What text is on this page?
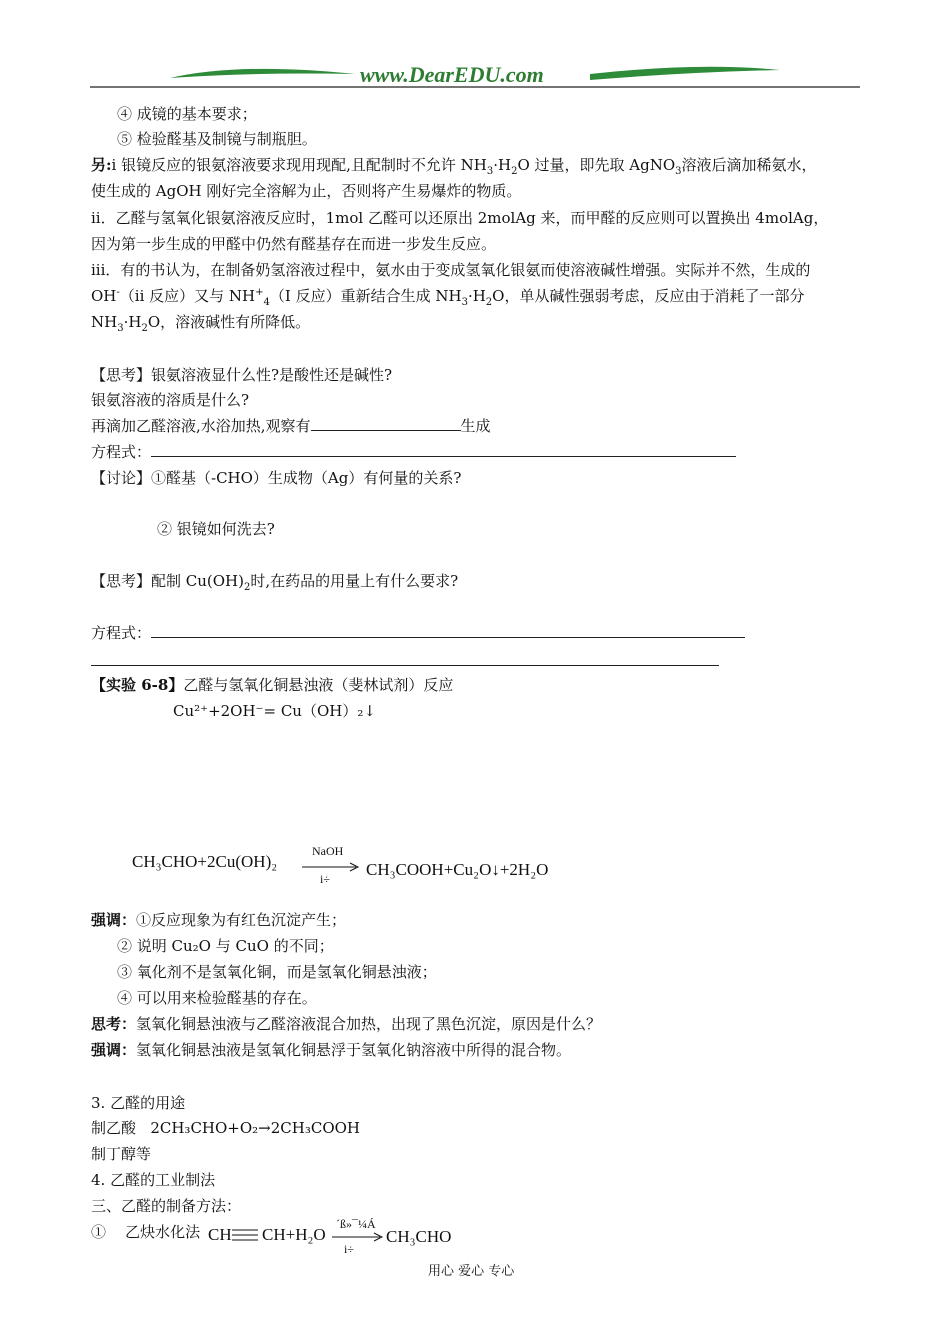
www.DearEDU.com
④ 成镜的基本要求；
⑤ 检验醛基及制镜与制瓶胆。
另:i 银镜反应的银氨溶液要求现用现配,且配制时不允许 $NH_3\cdot H_2O$ 过量，即先取 AgNO$_3$溶液后滴加稀氨水，
使生成的 AgOH 刚好完全溶解为止，否则将产生易爆炸的物质。
ii．乙醛与氢氧化银氨溶液反应时，1mol 乙醛可以还原出 2molAg 来，而甲醛的反应则可以置换出 4molAg，
因为第一步生成的甲醛中仍然有醛基存在而进一步发生反应。
iii．有的书认为，在制备奶氢溶液过程中，氨水由于变成氢氧化银氨而使溶液碱性增强。实际并不然，生成的
OH-（ii 反应）又与 $NH^+_4(I$ 反应）重新结合生成 $NH_3\cdot H_2O$，单从碱性强弱考虑，反应由于消耗了一部分
$NH_3\cdot H_2O$，溶液碱性有所降低。
【思考】银氨溶液显什么性?是酸性还是碱性?
银氨溶液的溶质是什么?
再滴加乙醛溶液,水浴加热,观察有	生成
方程式：
【讨论】①醛基（-CHO）生成物（Ag）有何量的关系?
② 银镜如何洗去?
【思考】配制 $Cu(OH)_2$时,在药品的用量上有什么要求?
方程式：
【实验 6-8】乙醛与氢氧化铜悬浊液（斐林试剂）反应
Cu²⁺+2OH⁻= Cu（OH）₂↓
CH₃CHO+2Cu(OH)₂
NaOH
i÷ CH₃COOH+Cu₂O↓+2H₂O
强调：①反应现象为有红色沉淀产生；
② 说明 Cu₂O 与 CuO 的不同；
③ 氧化剂不是氢氧化铜，而是氢氧化铜悬浊液；
④ 可以用来检验醛基的存在。
思考：氢氧化铜悬浊液与乙醛溶液混合加热，出现了黑色沉淀，原因是什么？
强调：氢氧化铜悬浊液是氢氧化铜悬浮于氢氧化钠溶液中所得的混合物。
3. 乙醛的用途
制乙酸 2CH₃CHO+O₂→2CH₃COOH
制丁醇等
4. 乙醛的工业制法
三、乙醛的制备方法：
① 乙炔水化法 CH CH+H₂O
´ß»¯¼Á
i÷
CH₃CHO
用心 爱心 专心
